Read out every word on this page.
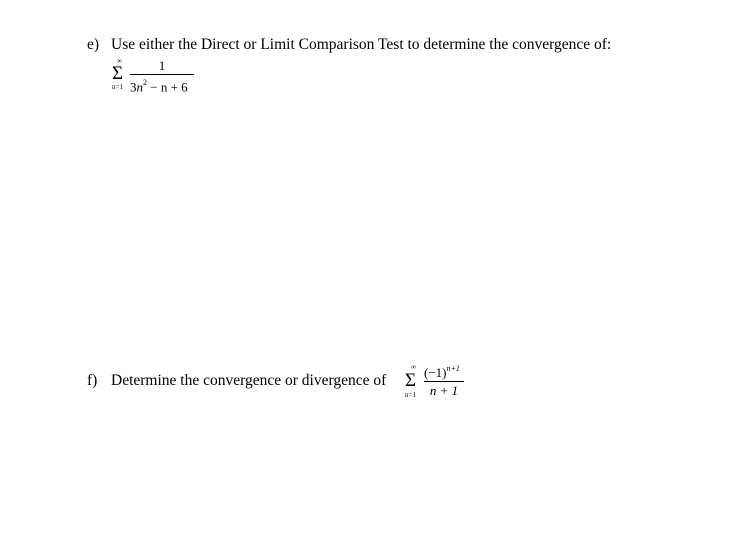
e) Use either the Direct or Limit Comparison Test to determine the convergence of:
∞
Σ
n=1
1
$3n^2 - n + 6$
f) Determine the convergence or divergence of
∞
Σ
n=1
$(-1)^{n+1}$
n + 1
